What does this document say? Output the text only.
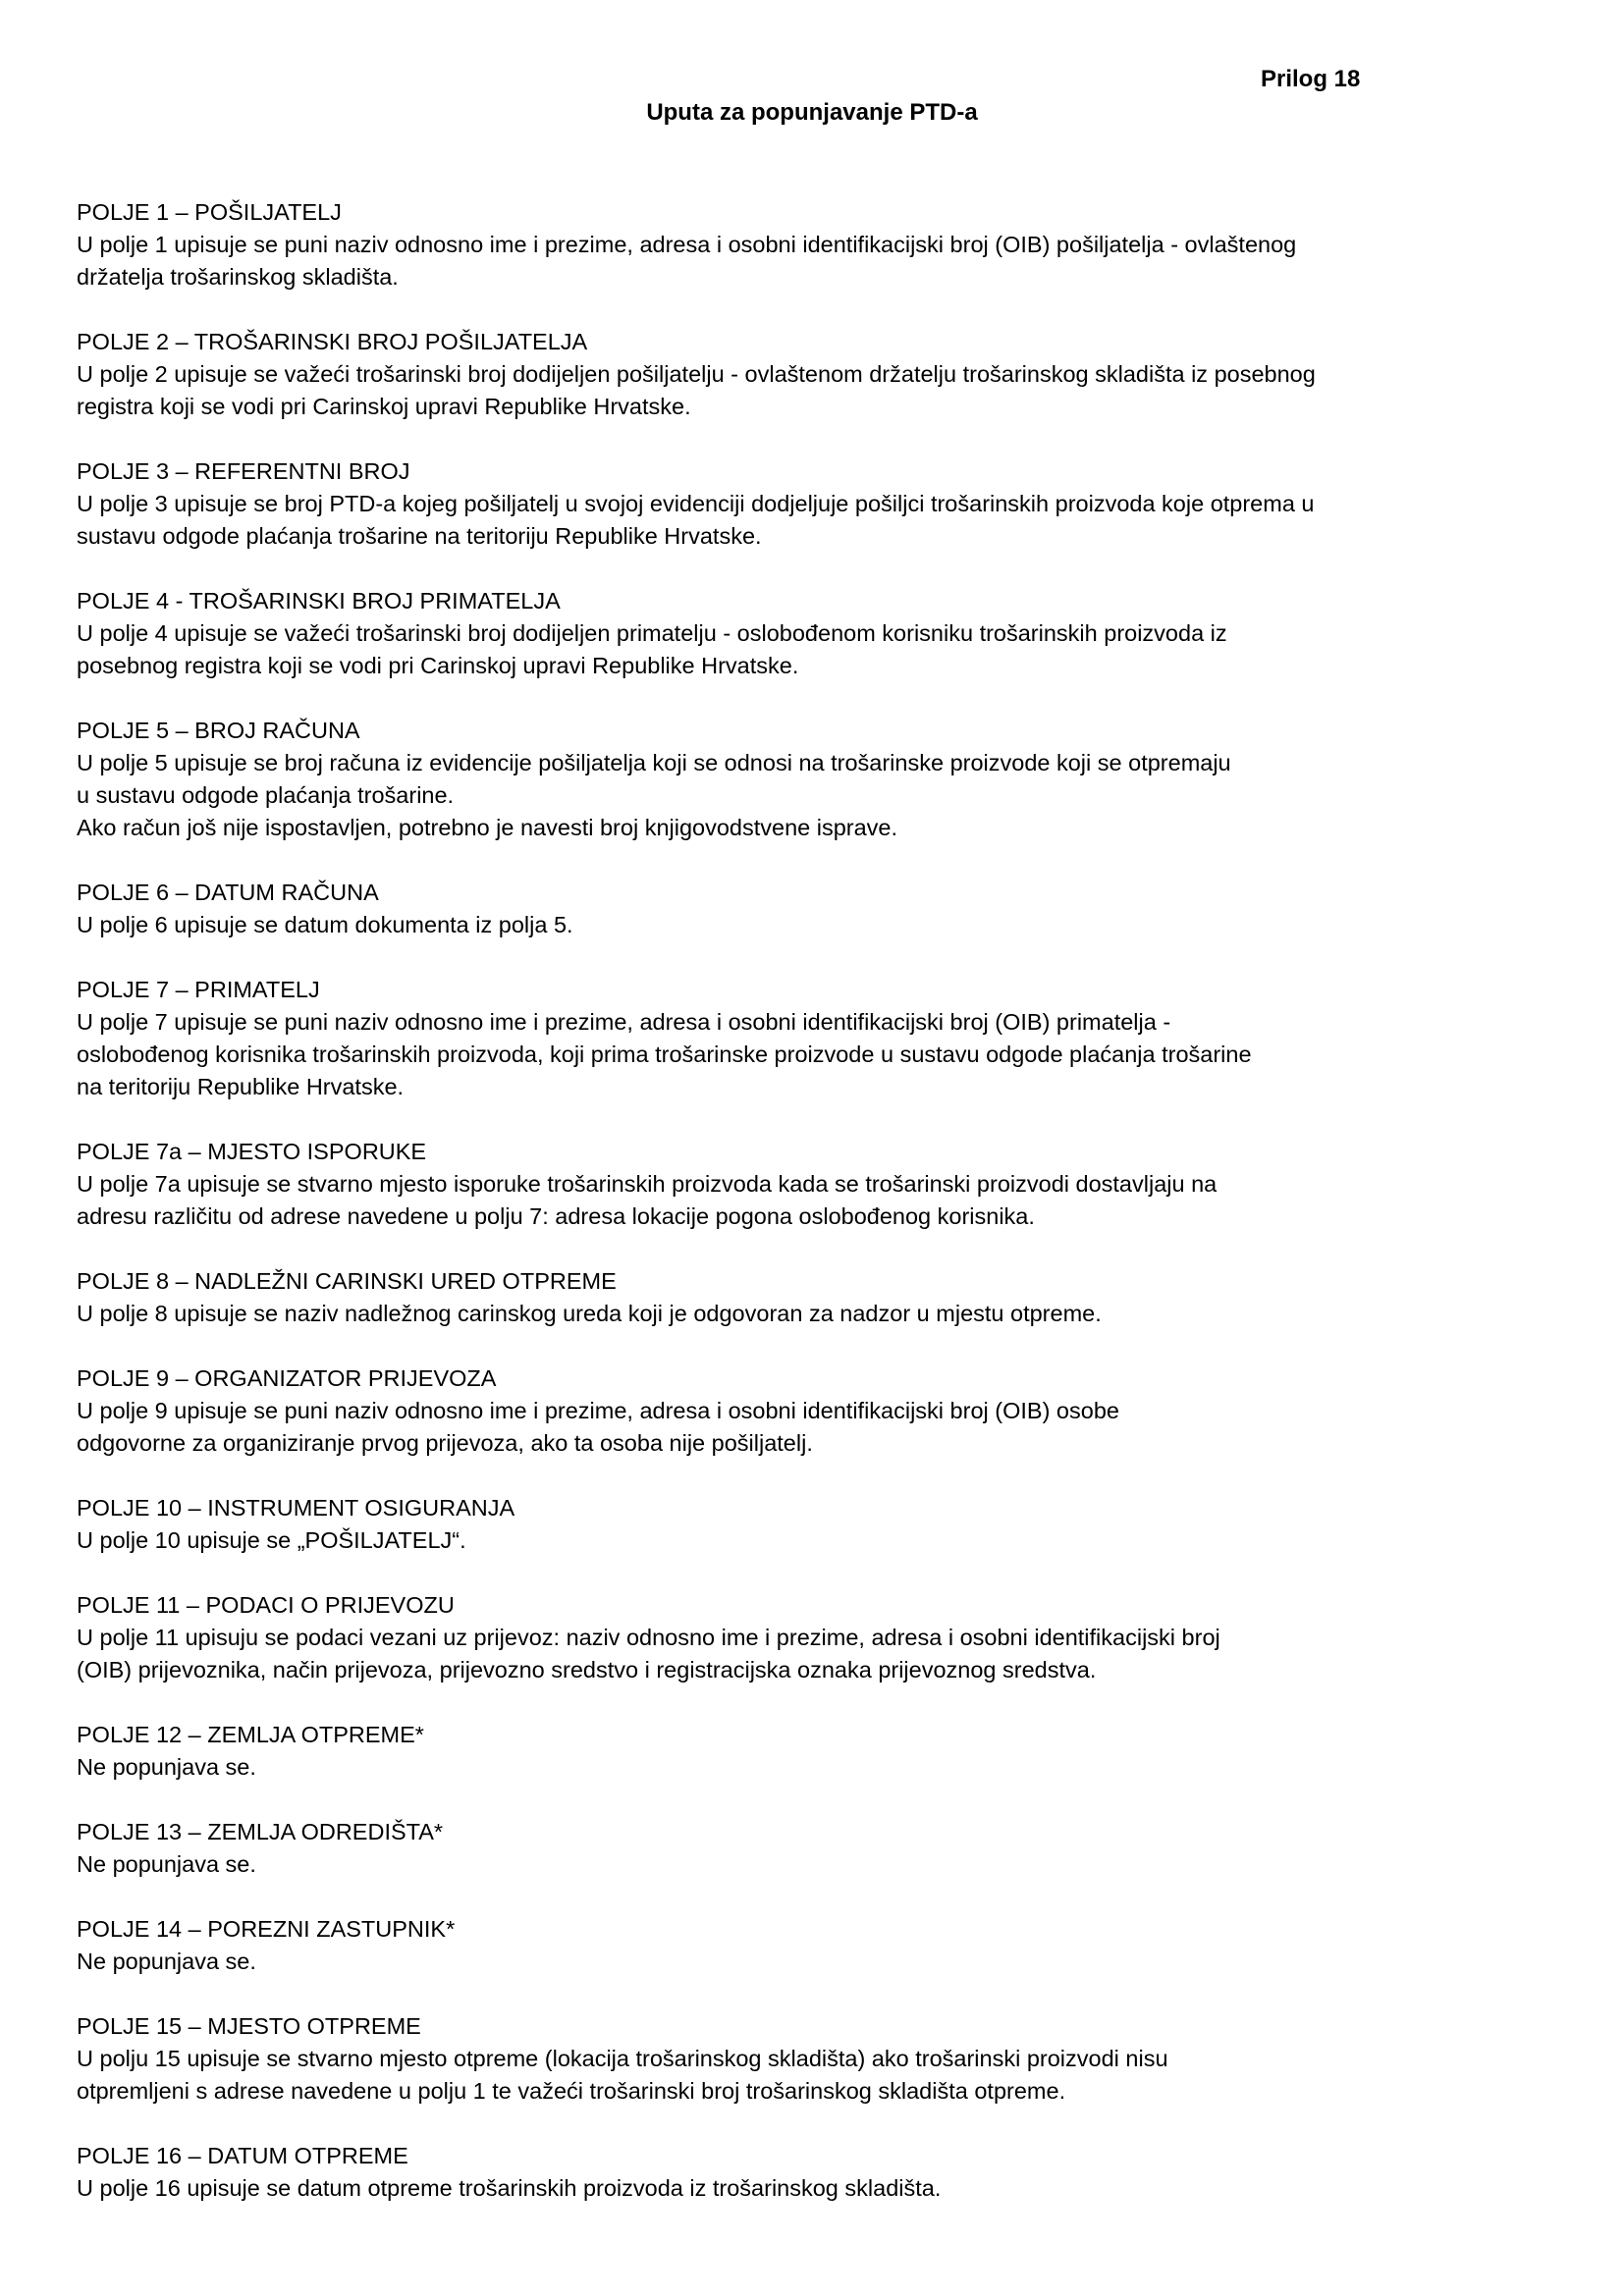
Prilog 18
Uputa za popunjavanje PTD-a
POLJE 1 – POŠILJATELJ
U polje 1 upisuje se puni naziv odnosno ime i prezime, adresa i osobni identifikacijski broj (OIB) pošiljatelja - ovlaštenog
držatelja trošarinskog skladišta.
POLJE 2 – TROŠARINSKI BROJ POŠILJATELJA
U polje 2 upisuje se važeći trošarinski broj dodijeljen pošiljatelju - ovlaštenom držatelju trošarinskog skladišta iz posebnog
registra koji se vodi pri Carinskoj upravi Republike Hrvatske.
POLJE 3 – REFERENTNI BROJ
U polje 3 upisuje se broj PTD-a kojeg pošiljatelj u svojoj evidenciji dodjeljuje pošiljci trošarinskih proizvoda koje otprema u
sustavu odgode plaćanja trošarine na teritoriju Republike Hrvatske.
POLJE 4 - TROŠARINSKI BROJ PRIMATELJA
U polje 4 upisuje se važeći trošarinski broj dodijeljen primatelju - oslobođenom korisniku trošarinskih proizvoda iz
posebnog registra koji se vodi pri Carinskoj upravi Republike Hrvatske.
POLJE 5 – BROJ RAČUNA
U polje 5 upisuje se broj računa iz evidencije pošiljatelja koji se odnosi na trošarinske proizvode koji se otpremaju
u sustavu odgode plaćanja trošarine.
Ako račun još nije ispostavljen, potrebno je navesti broj knjigovodstvene isprave.
POLJE 6 – DATUM RAČUNA
U polje 6 upisuje se datum dokumenta iz polja 5.
POLJE 7 – PRIMATELJ
U polje 7 upisuje se puni naziv odnosno ime i prezime, adresa i osobni identifikacijski broj (OIB) primatelja -
oslobođenog korisnika trošarinskih proizvoda, koji prima trošarinske proizvode u sustavu odgode plaćanja trošarine
na teritoriju Republike Hrvatske.
POLJE 7a – MJESTO ISPORUKE
U polje 7a upisuje se stvarno mjesto isporuke trošarinskih proizvoda kada se trošarinski proizvodi dostavljaju na
adresu različitu od adrese navedene u polju 7: adresa lokacije pogona oslobođenog korisnika.
POLJE 8 – NADLEŽNI CARINSKI URED OTPREME
U polje 8 upisuje se naziv nadležnog carinskog ureda koji je odgovoran za nadzor u mjestu otpreme.
POLJE 9 – ORGANIZATOR PRIJEVOZA
U polje 9 upisuje se puni naziv odnosno ime i prezime, adresa i osobni identifikacijski broj (OIB) osobe
odgovorne za organiziranje prvog prijevoza, ako ta osoba nije pošiljatelj.
POLJE 10 – INSTRUMENT OSIGURANJA
U polje 10 upisuje se „POŠILJATELJ“.
POLJE 11 – PODACI O PRIJEVOZU
U polje 11 upisuju se podaci vezani uz prijevoz: naziv odnosno ime i prezime, adresa i osobni identifikacijski broj
(OIB) prijevoznika, način prijevoza, prijevozno sredstvo i registracijska oznaka prijevoznog sredstva.
POLJE 12 – ZEMLJA OTPREME*
Ne popunjava se.
POLJE 13 – ZEMLJA ODREDIŠTA*
Ne popunjava se.
POLJE 14 – POREZNI ZASTUPNIK*
Ne popunjava se.
POLJE 15 – MJESTO OTPREME
U polju 15 upisuje se stvarno mjesto otpreme (lokacija trošarinskog skladišta) ako trošarinski proizvodi nisu
otpremljeni s adrese navedene u polju 1 te važeći trošarinski broj trošarinskog skladišta otpreme.
POLJE 16 – DATUM OTPREME
U polje 16 upisuje se datum otpreme trošarinskih proizvoda iz trošarinskog skladišta.
